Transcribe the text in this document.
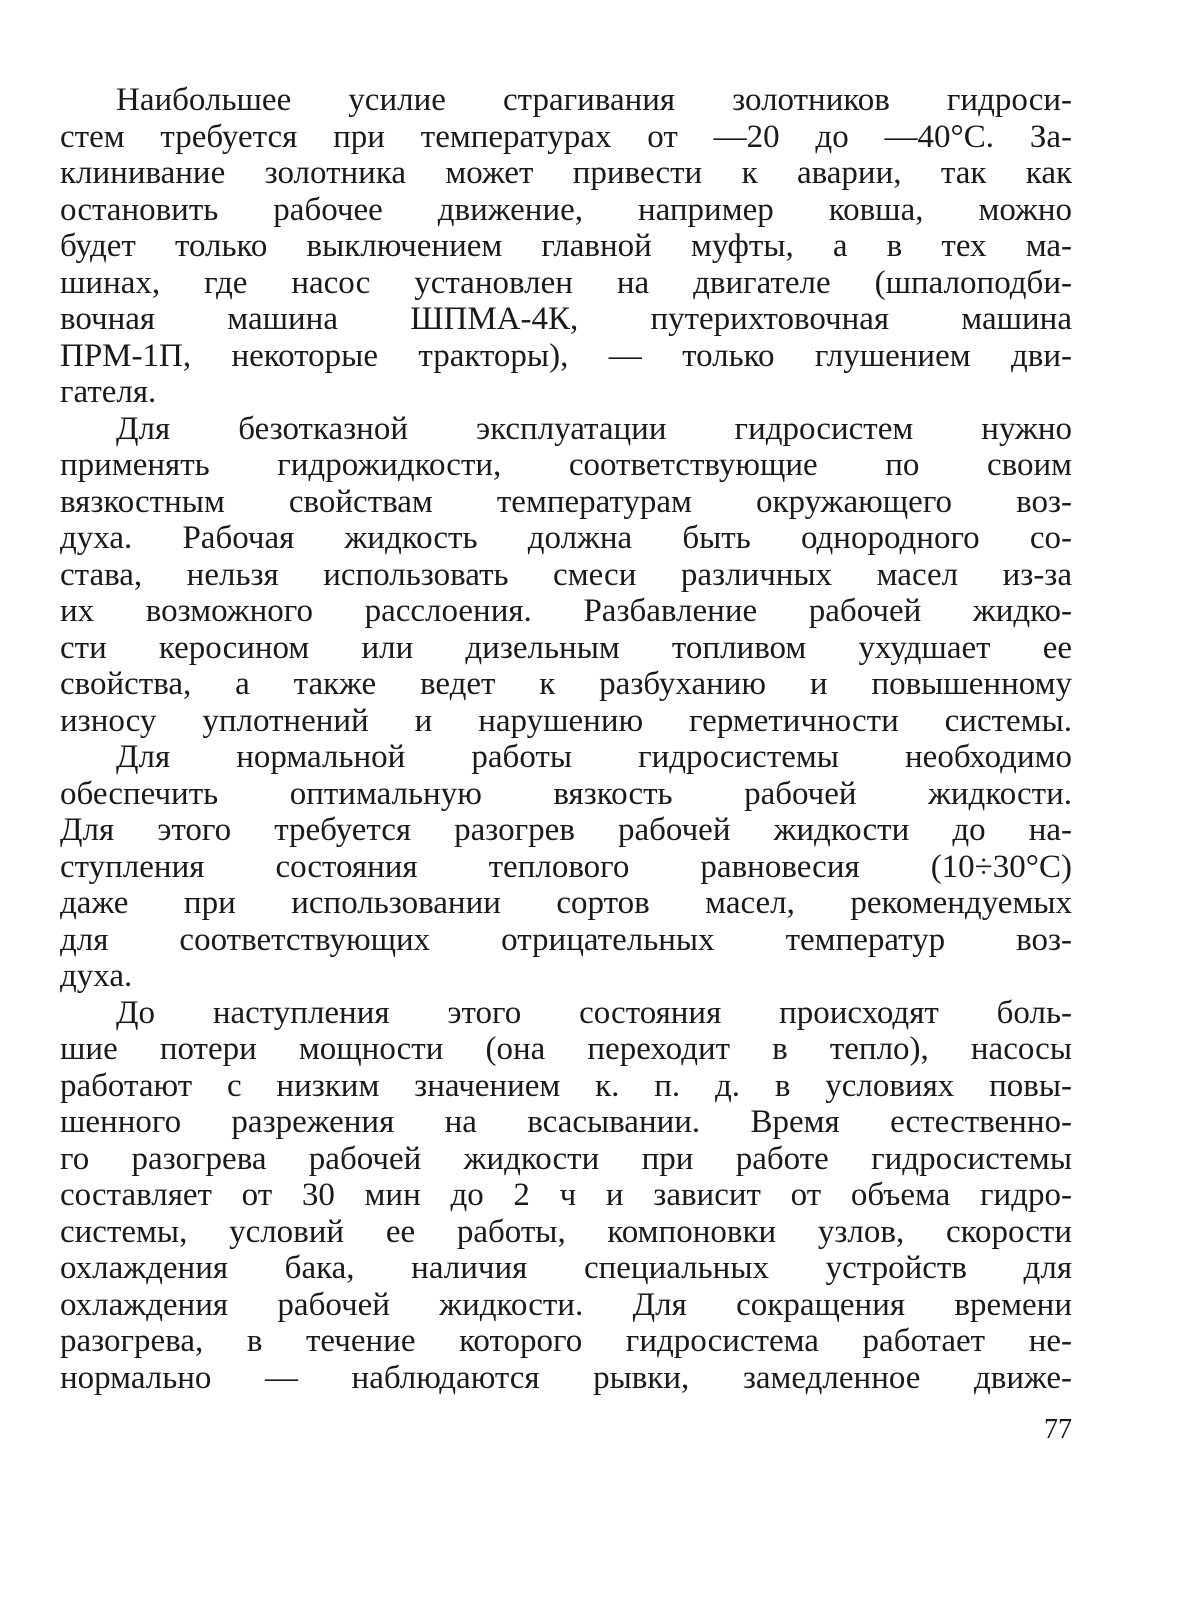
Наибольшее усилие страгивания золотников гидроси-
стем требуется при температурах от —20 до —40°С. За-
клинивание золотника может привести к аварии, так как
остановить рабочее движение, например ковша, можно
будет только выключением главной муфты, а в тех ма-
шинах, где насос установлен на двигателе (шпалоподби-
вочная машина ШПМА-4К, путерихтовочная машина
ПРМ-1П, некоторые тракторы), — только глушением дви-
гателя.
Для безотказной эксплуатации гидросистем нужно
применять гидрожидкости, соответствующие по своим
вязкостным свойствам температурам окружающего воз-
духа. Рабочая жидкость должна быть однородного со-
става, нельзя использовать смеси различных масел из-за
их возможного расслоения. Разбавление рабочей жидко-
сти керосином или дизельным топливом ухудшает ее
свойства, а также ведет к разбуханию и повышенному
износу уплотнений и нарушению герметичности системы.
Для нормальной работы гидросистемы необходимо
обеспечить оптимальную вязкость рабочей жидкости.
Для этого требуется разогрев рабочей жидкости до на-
ступления состояния теплового равновесия (10÷30°С)
даже при использовании сортов масел, рекомендуемых
для соответствующих отрицательных температур воз-
духа.
До наступления этого состояния происходят боль-
шие потери мощности (она переходит в тепло), насосы
работают с низким значением к. п. д. в условиях повы-
шенного разрежения на всасывании. Время естественно-
го разогрева рабочей жидкости при работе гидросистемы
составляет от 30 мин до 2 ч и зависит от объема гидро-
системы, условий ее работы, компоновки узлов, скорости
охлаждения бака, наличия специальных устройств для
охлаждения рабочей жидкости. Для сокращения времени
разогрева, в течение которого гидросистема работает не-
нормально — наблюдаются рывки, замедленное движе-
77
